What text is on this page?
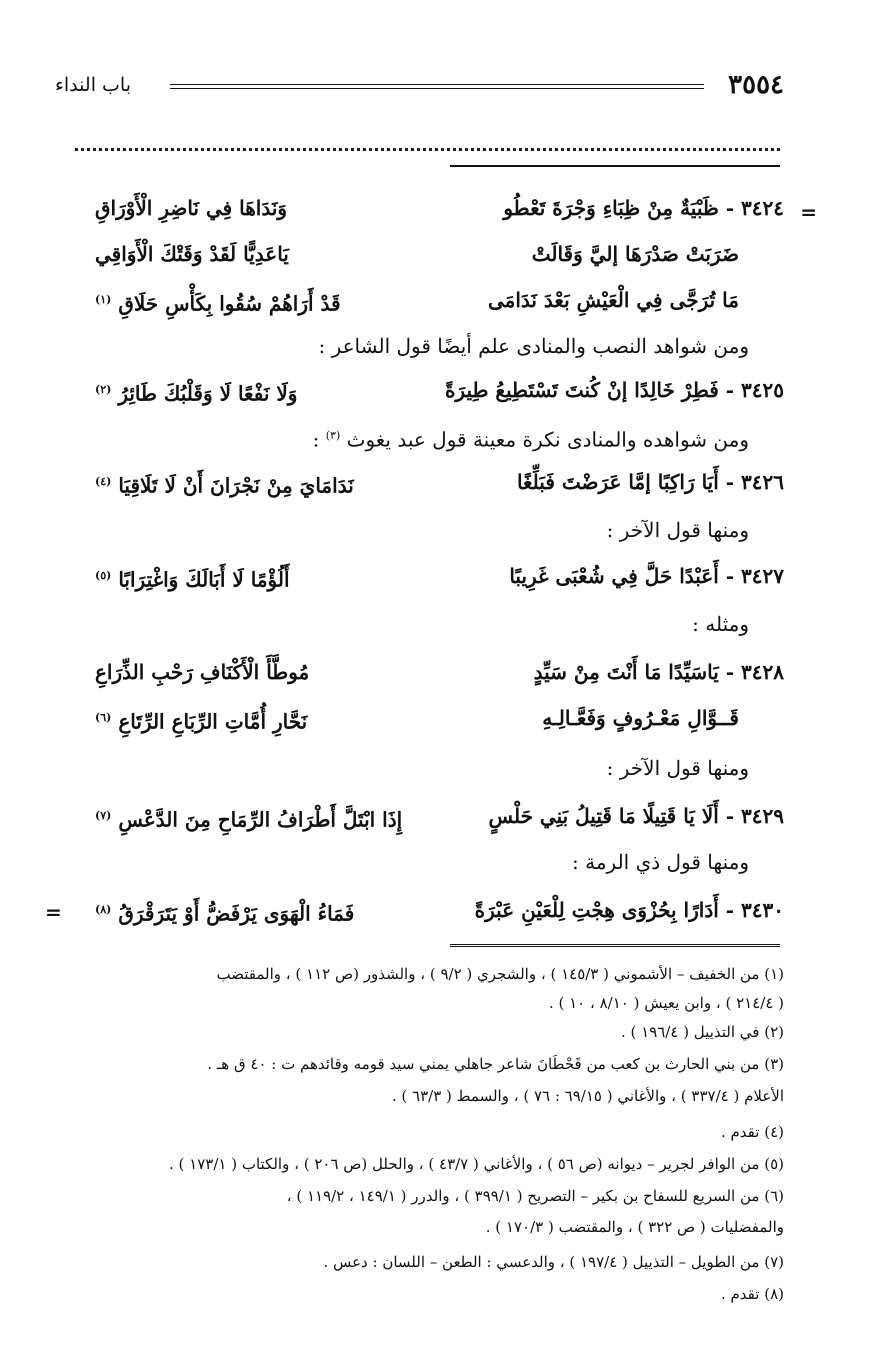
٣٥٥٤
باب النداء
=
٣٤٢٤ - ظَبْيَةٌ مِنْ ظِبَاءِ وَجْرَةَ تَعْطُو
وَنَدَاهَا فِي نَاضِرِ الْأَوْرَاقِ
ضَرَبَتْ صَدْرَهَا إليَّ وَقَالَتْ
يَاعَدِيًّا لَقَدْ وَقَتْكَ الْأَوَاقِي
مَا تُرَجَّى فِي الْعَيْشِ بَعْدَ نَدَامَى
قَدْ أَرَاهُمْ سُقُوا بِكَأْسِ حَلَاقِ $^{(١)}$
ومن شواهد النصب والمنادى علم أيضًا قول الشاعر :
٣٤٢٥ - فَطِرْ خَالِدًا إنْ كُنتَ تَسْتَطِيعُ طِيرَةً
وَلَا نَفْعًا لَا وَقَلْبُكَ طَائِرُ $^{(٢)}$
ومن شواهده والمنادى نكرة معينة قول عبد يغوث $^{(٣)}$ :
٣٤٢٦ - أَيَا رَاكِبًا إمَّا عَرَضْتَ فَبَلِّغًا
نَدَامَايَ مِنْ نَجْرَانَ أَنْ لَا تَلَاقِيَا $^{(٤)}$
ومنها قول الآخر :
٣٤٢٧ - أَعَبْدًا حَلَّ فِي شُعْبَى غَرِيبًا
أَلُؤْمًا لَا أَبَالَكَ وَاغْتِرَابًا $^{(٥)}$
ومثله :
٣٤٢٨ - يَاسَيِّدًا مَا أَنْتَ مِنْ سَيِّدٍ
مُوطَّأَ الْأَكْنَافِ رَحْبِ الذِّرَاعِ
قَــوَّالِ مَعْـرُوفٍ وَفَعَّـالِـهِ
نَحَّارِ أُمَّاتِ الرِّبَاعِ الرِّتَاعِ $^{(٦)}$
ومنها قول الآخر :
٣٤٢٩ - أَلَا يَا قَتِيلًا مَا قَتِيلُ بَنِي حَلْسٍ
إِذَا ابْتَلَّ أَطْرَافُ الرِّمَاحِ مِنَ الدَّعْسِ $^{(٧)}$
ومنها قول ذي الرمة :
٣٤٣٠ - أَدَارًا بِحُزْوَى هِجْتِ لِلْعَيْنِ عَبْرَةً
فَمَاءُ الْهَوَى يَرْفَضُّ أَوْ يَتَرَقْرَقُ $^{(٨)}$
=
(١) من الخفيف – الأشموني ( ١٤٥/٣ ) ، والشجري ( ٩/٢ ) ، والشذور (ص ١١٢ ) ، والمقتضب
( ٢١٤/٤ ) ، وابن يعيش ( ٨/١٠ ، ١٠ ) .
(٢) في التذييل ( ١٩٦/٤ ) .
(٣) من بني الحارث بن كعب من قَحْطَانَ شاعر جاهلي يمني سيد قومه وقائدهم ت : ٤٠ ق هـ .
الأعلام ( ٣٣٧/٤ ) ، والأغاني ( ٦٩/١٥ : ٧٦ ) ، والسمط ( ٦٣/٣ ) .
(٤) تقدم .
(٥) من الوافر لجرير – ديوانه (ص ٥٦ ) ، والأغاني ( ٤٣/٧ ) ، والحلل (ص ٢٠٦ ) ، والكتاب ( ١٧٣/١ ) .
(٦) من السريع للسفاح بن بكير – التصريح ( ٣٩٩/١ ) ، والدرر ( ١٤٩/١ ، ١١٩/٢ ) ،
والمفضليات ( ص ٣٢٢ ) ، والمقتضب ( ١٧٠/٣ ) .
(٧) من الطويل – التذييل ( ١٩٧/٤ ) ، والدعسي : الطعن – اللسان : دعس .
(٨) تقدم .
